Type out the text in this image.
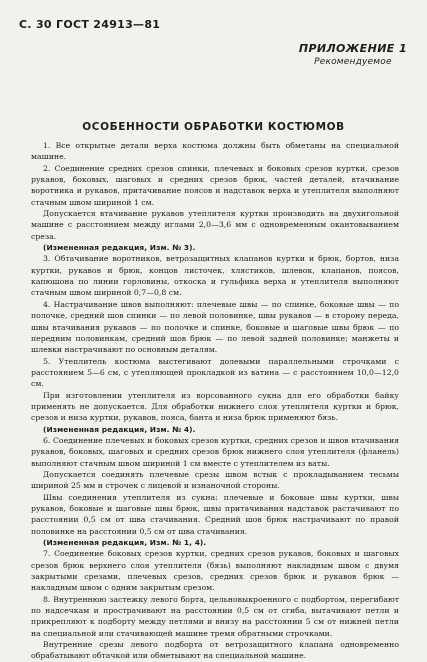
С. 30 ГОСТ 24913—81
ПРИЛОЖЕНИЕ 1
Рекомендуемое
ОСОБЕННОСТИ ОБРАБОТКИ КОСТЮМОВ

1. Все открытые детали верха костюма должны быть обметаны на специальной машине.

2. Соединение средних срезов спинки, плечевых и боковых срезов куртки, срезов рукавов, боковых, шаговых и средних срезов брюк, частей деталей, втачивание воротника и рукавов, притачивание поясов и надставок верха и утеплителя выполняют стачным швом шириной 1 см.

Допускается втачивание рукавов утеплителя куртки производить на двухигольной машине с расстоянием между иглами 2,0—3,6 мм с одновременным окантовыванием среза.

(Измененная редакция, Изм. № 3).

3. Обтачивание воротников, ветрозащитных клапанов куртки и брюк, бортов, низа куртки, рукавов и брюк, концов листочек, хлястиков, шлевок, клапанов, поясов, капюшона по линии горловины, откоска и гульфика верха и утеплителя выполняют стачным швом шириной 0,7—0,8 см.

4. Настрачивание швов выполняют: плечевые швы — по спинке, боковые швы — по полочке, средний шов спинки — по левой половинке, швы рукавов — в сторону переда, швы втачивания рукавов — по полочке и спинке, боковые и шаговые швы брюк — по передним половинкам, средний шов брюк — по левой задней половинке; манжеты и шлевки настрачивают по основным деталям.

5. Утеплитель костюма выстегивают долевыми параллельными строчками с расстоянием 5—6 см, с утепляющей прокладкой из ватина — с расстоянием 10,0—12,0 см.

При изготовлении утеплителя из ворсованного сукна для его обработки байку применять не допускается. Для обработки нижнего слоя утеплителя куртки и брюк, срезов и низа куртки, рукавов, пояса, банта и низа брюк применяют бязь.

(Измененная редакция, Изм. № 4).

6. Соединение плечевых и боковых срезов куртки, средних срезов и швов втачивания рукавов, боковых, шаговых и средних срезов брюк нижнего слоя утеплителя (фланель) выполняют стачным швом шириной 1 см вместе с утеплителем из ваты.

Допускается соединять плечевые срезы швом встык с прокладыванием тесьмы шириной 25 мм и строчек с лицевой и изнаночной стороны.

Швы соединения утеплителя из сукна: плечевые и боковые швы куртки, швы рукавов, боковые и шаговые швы брюк, швы притачивания надставок растачивают по расстоянии 0,5 см от шва стачивания. Средний шов брюк настрачивают по правой половинке на расстоянии 0,5 см от шва стачивания.

(Измененная редакция, Изм. № 1, 4).

7. Соединение боковых срезов куртки, средних срезов рукавов, боковых и шаговых срезов брюк верхнего слоя утеплителя (бязь) выполняют накладным швом с двумя закрытыми срезами, плечевых срезов, средних срезов брюк и рукавов брюк — накладным швом с одним закрытым срезом.

8. Внутреннюю застежку левого борта, цельновыкроенного с подбортом, перегибают по надсечкам и прострачивают на расстоянии 0,5 см от сгиба, вытачивают петли и прикрепляют к подборту между петлями и внизу на расстоянии 5 см от нижней петли на специальной или стачивающей машине тремя обратными строчками.

Внутренние срезы левого подборта от ветрозащитного клапана одновременно обрабатывают обтачкой или обметывают на специальной машине.
